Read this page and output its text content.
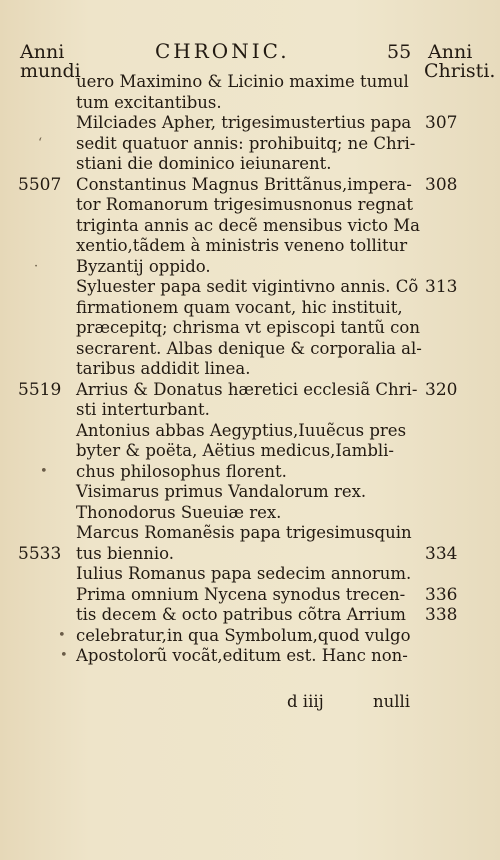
Anni
mundi
CHRONIC.	55 Anni
Christi.
uero Maximino & Licinio maxime tumul
tum excitantibus.
Milciades Apher, trigesimustertius papa
sedit quatuor annis: prohibuitq; ne Chri-
stiani die dominico ieiunarent.
Constantinus Magnus Brittãnus,impera-
tor Romanorum trigesimusnonus regnat
triginta annis ac decẽ mensibus victo Ma
xentio,tãdem à ministris veneno tollitur
Byzantij oppido.
Syluester papa sedit vigintivno annis. Cõ
firmationem quam vocant, hic instituit,
præcepitq; chrisma vt episcopi tantũ con
secrarent. Albas denique & corporalia al-
taribus addidit linea.
Arrius & Donatus hæretici ecclesiã Chri-
sti interturbant.
Antonius abbas Aegyptius,Iuuẽcus pres
byter & poëta, Aëtius medicus,Iambli-
chus philosophus florent.
Visimarus primus Vandalorum rex.
Thonodorus Sueuiæ rex.
Marcus Romanẽsis papa trigesimusquin
tus biennio.
Iulius Romanus papa sedecim annorum.
Prima omnium Nycena synodus trecen-
tis decem & octo patribus cõtra Arrium
celebratur,in qua Symbolum,quod vulgo
Apostolorũ vocãt,editum est. Hanc non-
5507
5519
5533
307
308
313
320
334
336
338
‘
·
•
•
•
d iiij	nulli
